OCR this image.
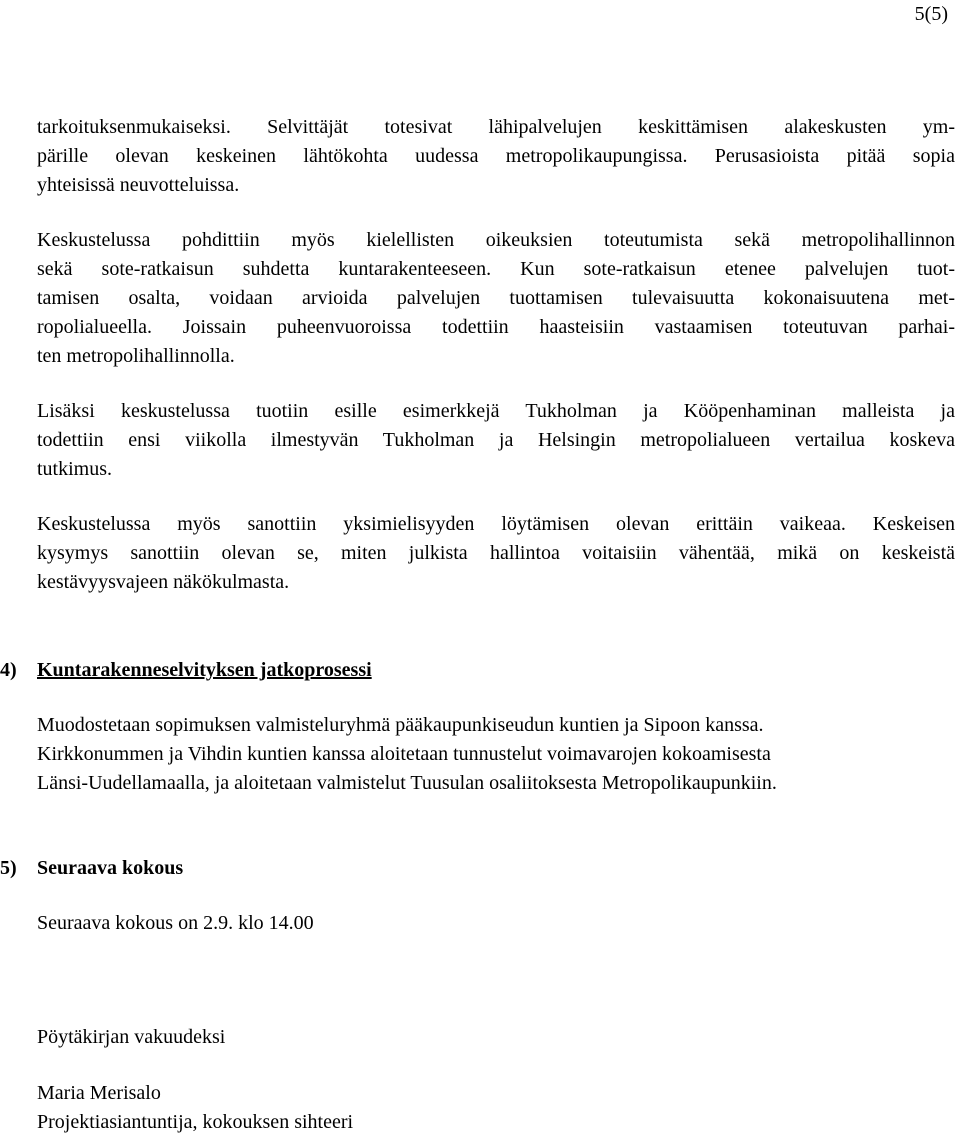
5(5)

tarkoituksenmukaiseksi. Selvittäjät totesivat lähipalvelujen keskittämisen alakeskusten ym-
pärille olevan keskeinen lähtökohta uudessa metropolikaupungissa. Perusasioista pitää sopia
yhteisissä neuvotteluissa.

Keskustelussa pohdittiin myös kielellisten oikeuksien toteutumista sekä metropolihallinnon
sekä sote-ratkaisun suhdetta kuntarakenteeseen. Kun sote-ratkaisun etenee palvelujen tuot-
tamisen osalta, voidaan arvioida palvelujen tuottamisen tulevaisuutta kokonaisuutena met-
ropolialueella. Joissain puheenvuoroissa todettiin haasteisiin vastaamisen toteutuvan parhai-
ten metropolihallinnolla.

Lisäksi keskustelussa tuotiin esille esimerkkejä Tukholman ja Kööpenhaminan malleista ja
todettiin ensi viikolla ilmestyvän Tukholman ja Helsingin metropolialueen vertailua koskeva
tutkimus.

Keskustelussa myös sanottiin yksimielisyyden löytämisen olevan erittäin vaikeaa. Keskeisen
kysymys sanottiin olevan se, miten julkista hallintoa voitaisiin vähentää, mikä on keskeistä
kestävyysvajeen näkökulmasta.

4) Kuntarakenneselvityksen jatkoprosessi
Muodostetaan sopimuksen valmisteluryhmä pääkaupunkiseudun kuntien ja Sipoon kanssa.
Kirkkonummen ja Vihdin kuntien kanssa aloitetaan tunnustelut voimavarojen kokoamisesta
Länsi-Uudellamaalla, ja aloitetaan valmistelut Tuusulan osaliitoksesta Metropolikaupunkiin.
5) Seuraava kokous
Seuraava kokous on 2.9. klo 14.00
Pöytäkirjan vakuudeksi
Maria Merisalo
Projektiasiantuntija, kokouksen sihteeri
